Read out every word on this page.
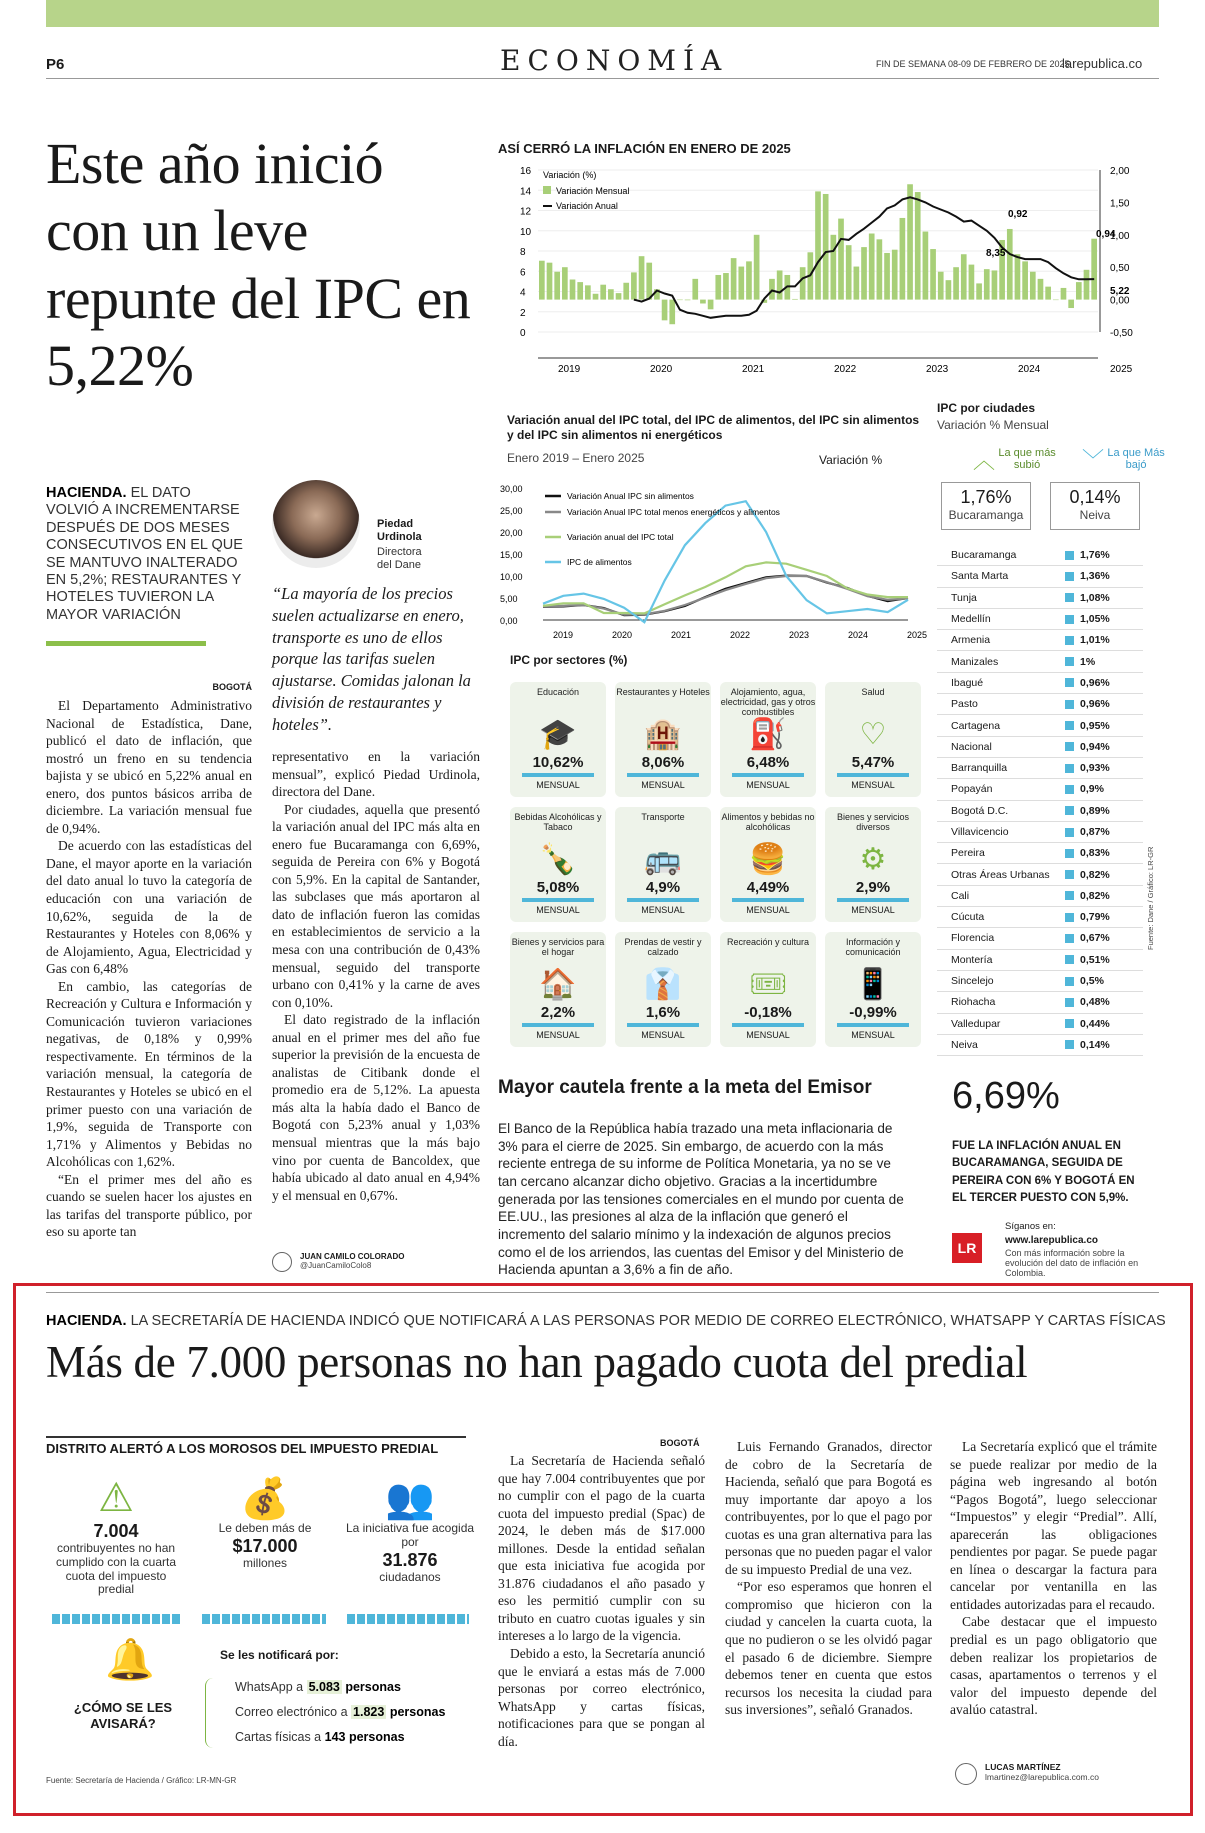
P6	ECONOMÍA	FIN DE SEMANA 08-09 DE FEBRERO DE 2025
larepublica.co
Este año inició con un leve repunte del IPC en 5,22%
HACIENDA. EL DATO VOLVIÓ A INCREMENTARSE DESPUÉS DE DOS MESES CONSECUTIVOS EN EL QUE SE MANTUVO INALTERADO EN 5,2%; RESTAURANTES Y HOTELES TUVIERON LA MAYOR VARIACIÓN
BOGOTÁ

El Departamento Administrativo Nacional de Estadística, Dane, publicó el dato de inflación, que mostró un freno en su tendencia bajista y se ubicó en 5,22% anual en enero, dos puntos básicos arriba de diciembre. La variación mensual fue de 0,94%.

De acuerdo con las estadísticas del Dane, el mayor aporte en la variación del dato anual lo tuvo la categoría de educación con una variación de 10,62%, seguida de la de Restaurantes y Hoteles con 8,06% y de Alojamiento, Agua, Electricidad y Gas con 6,48%

En cambio, las categorías de Recreación y Cultura e Información y Comunicación tuvieron variaciones negativas, de 0,18% y 0,99% respectivamente. En términos de la variación mensual, la categoría de Restaurantes y Hoteles se ubicó en el primer puesto con una variación de 1,9%, seguida de Transporte con 1,71% y Alimentos y Bebidas no Alcohólicas con 1,62%.

“En el primer mes del año es cuando se suelen hacer los ajustes en las tarifas del transporte público, por eso su aporte tan

Piedad Urdinola
Directora del Dane
“La mayoría de los precios suelen actualizarse en enero, transporte es uno de ellos porque las tarifas suelen ajustarse. Comidas jalonan la división de restaurantes y hoteles”.

representativo en la variación mensual”, explicó Piedad Urdinola, directora del Dane.

Por ciudades, aquella que presentó la variación anual del IPC más alta en enero fue Bucaramanga con 6,69%, seguida de Pereira con 6% y Bogotá con 5,9%. En la capital de Santander, las subclases que más aportaron al dato de inflación fueron las comidas en establecimientos de servicio a la mesa con una contribución de 0,43% mensual, seguido del transporte urbano con 0,41% y la carne de aves con 0,10%.

El dato registrado de la inflación anual en el primer mes del año fue superior la previsión de la encuesta de analistas de Citibank donde el promedio era de 5,12%. La apuesta más alta la había dado el Banco de Bogotá con 5,23% anual y 1,03% mensual mientras que la más bajo vino por cuenta de Bancoldex, que había ubicado al dato anual en 4,94% y el mensual en 0,67%.

JUAN CAMILO COLORADO
@JuanCamiloColo8
ASÍ CERRÓ LA INFLACIÓN EN ENERO DE 2025
16
14
12
10
8
6
4
2
0
2,00
1,50
1,00
0,50
0,00
-0,50
2019	2020	2021	2022	2023	2024	2025
Variación (%)
Variación Mensual
Variación Anual
0,92
8,35
0,94
5,22
Variación anual del IPC total, del IPC de alimentos, del IPC sin alimentos y del IPC sin alimentos ni energéticos
Enero 2019 – Enero 2025	Variación %
30,00
25,00
20,00
15,00
10,00
5,00
0,00
2019	2020	2021	2022	2023	2024	2025
Variación Anual IPC sin alimentos
Variación Anual IPC total menos energéticos y alimentos
Variación anual del IPC total
IPC de alimentos
IPC por sectores (%)
Educación
🎓
10,62%
MENSUAL
Restaurantes y Hoteles
🏨
8,06%
MENSUAL
Alojamiento, agua, electricidad, gas y otros combustibles
⛽
6,48%
MENSUAL
Salud
♡
5,47%
MENSUAL
Bebidas Alcohólicas y Tabaco
🍾
5,08%
MENSUAL
Transporte
🚌
4,9%
MENSUAL
Alimentos y bebidas no alcohólicas
🍔
4,49%
MENSUAL
Bienes y servicios diversos
⚙
2,9%
MENSUAL
Bienes y servicios para el hogar
🏠
2,2%
MENSUAL
Prendas de vestir y calzado
👔
1,6%
MENSUAL
Recreación y cultura
🎟
-0,18%
MENSUAL
Información y comunicación
📱
-0,99%
MENSUAL
IPC por ciudades
Variación % Mensual
︿ La que más subió	﹀ La que Más bajó
1,76%
Bucaramanga
0,14%
Neiva
Bucaramanga	1,76%
Santa Marta	1,36%
Tunja	1,08%
Medellín	1,05%
Armenia	1,01%
Manizales	1%
Ibagué	0,96%
Pasto	0,96%
Cartagena	0,95%
Nacional	0,94%
Barranquilla	0,93%
Popayán	0,9%
Bogotá D.C.	0,89%
Villavicencio	0,87%
Pereira	0,83%
Otras Áreas Urbanas	0,82%
Cali	0,82%
Cúcuta	0,79%
Florencia	0,67%
Montería	0,51%
Sincelejo	0,5%
Riohacha	0,48%
Valledupar	0,44%
Neiva	0,14%
Fuente: Dane / Gráfico: LR-GR
Mayor cautela frente a la meta del Emisor
El Banco de la República había trazado una meta inflacionaria de 3% para el cierre de 2025. Sin embargo, de acuerdo con la más reciente entrega de su informe de Política Monetaria, ya no se ve tan cercano alcanzar dicho objetivo. Gracias a la incertidumbre generada por las tensiones comerciales en el mundo por cuenta de EE.UU., las presiones al alza de la inflación que generó el incremento del salario mínimo y la indexación de algunos precios como el de los arriendos, las cuentas del Emisor y del Ministerio de Hacienda apuntan a 3,6% a fin de año.
6,69%
FUE LA INFLACIÓN ANUAL EN BUCARAMANGA, SEGUIDA DE PEREIRA CON 6% Y BOGOTÁ EN EL TERCER PUESTO CON 5,9%.
LR
Síganos en:
www.larepublica.co
Con más información sobre la evolución del dato de inflación en Colombia.
HACIENDA. LA SECRETARÍA DE HACIENDA INDICÓ QUE NOTIFICARÁ A LAS PERSONAS POR MEDIO DE CORREO ELECTRÓNICO, WHATSAPP Y CARTAS FÍSICAS
Más de 7.000 personas no han pagado cuota del predial
DISTRITO ALERTÓ A LOS MOROSOS DEL IMPUESTO PREDIAL
⚠
7.004
contribuyentes no han cumplido con la cuarta cuota del impuesto predial
💰
Le deben más de
$17.000
millones
👥
La iniciativa fue acogida por
31.876
ciudadanos
🔔
¿CÓMO SE LES AVISARÁ?
Se les notificará por:
WhatsApp a 5.083 personas
Correo electrónico a 1.823 personas
Cartas físicas a 143 personas
Fuente: Secretaría de Hacienda / Gráfico: LR-MN-GR
BOGOTÁ

La Secretaría de Hacienda señaló que hay 7.004 contribuyentes que por no cumplir con el pago de la cuarta cuota del impuesto predial (Spac) de 2024, le deben más de $17.000 millones. Desde la entidad señalan que esta iniciativa fue acogida por 31.876 ciudadanos el año pasado y eso les permitió cumplir con su tributo en cuatro cuotas iguales y sin intereses a lo largo de la vigencia.

Debido a esto, la Secretaría anunció que le enviará a estas más de 7.000 personas por correo electrónico, WhatsApp y cartas físicas, notificaciones para que se pongan al día.

Luis Fernando Granados, director de cobro de la Secretaría de Hacienda, señaló que para Bogotá es muy importante dar apoyo a los contribuyentes, por lo que el pago por cuotas es una gran alternativa para las personas que no pueden pagar el valor de su impuesto Predial de una vez.

“Por eso esperamos que honren el compromiso que hicieron con la ciudad y cancelen la cuarta cuota, la que no pudieron o se les olvidó pagar el pasado 6 de diciembre. Siempre debemos tener en cuenta que estos recursos los necesita la ciudad para sus inversiones”, señaló Granados.

La Secretaría explicó que el trámite se puede realizar por medio de la página web ingresando al botón “Pagos Bogotá”, luego seleccionar “Impuestos” y elegir “Predial”. Allí, aparecerán las obligaciones pendientes por pagar. Se puede pagar en línea o descargar la factura para cancelar por ventanilla en las entidades autorizadas para el recaudo.

Cabe destacar que el impuesto predial es un pago obligatorio que deben realizar los propietarios de casas, apartamentos o terrenos y el valor del impuesto depende del avalúo catastral.

LUCAS MARTÍNEZ
lmartinez@larepublica.com.co
